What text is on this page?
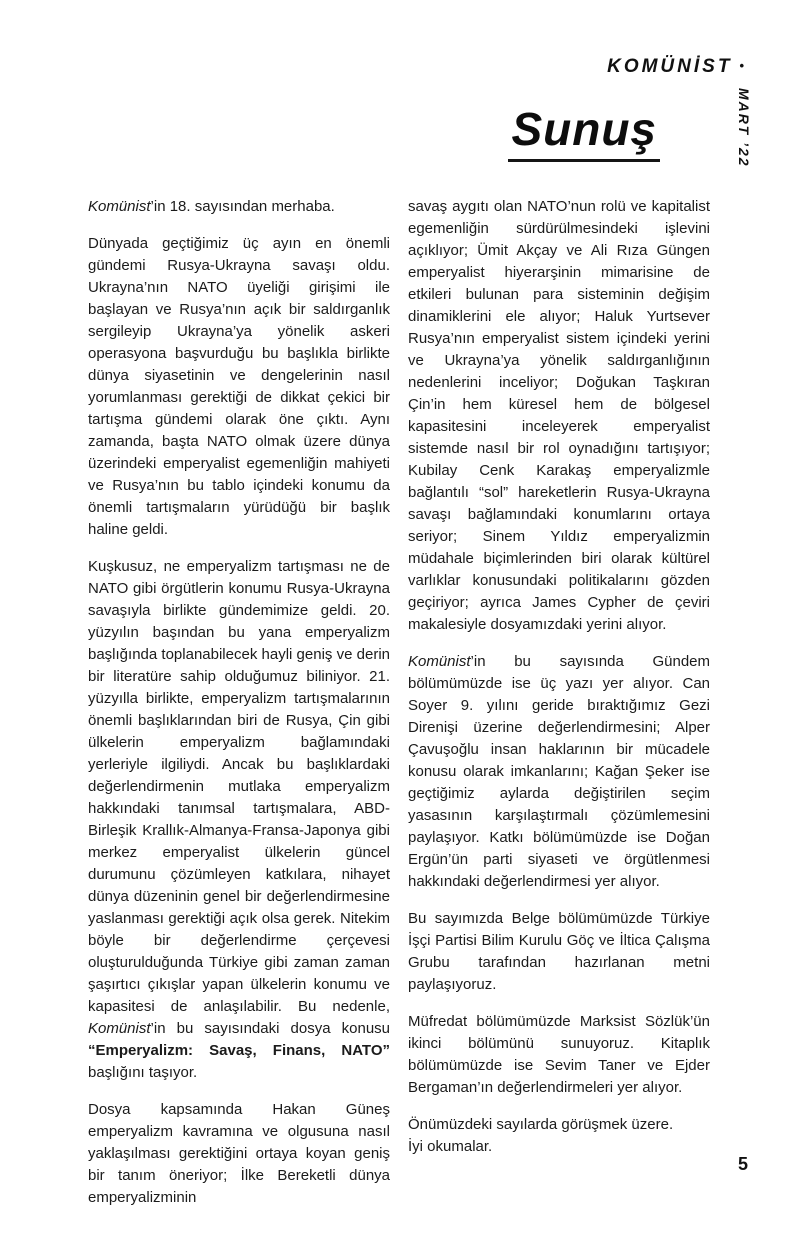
KOMÜNİST •
MART ’22
Sunuş

Komünist’in 18. sayısından merhaba.

Dünyada geçtiğimiz üç ayın en önemli gündemi Rusya-Ukrayna savaşı oldu. Ukrayna’nın NATO üyeliği girişimi ile başlayan ve Rusya’nın açık bir saldırganlık sergileyip Ukrayna’ya yönelik askeri operasyona başvurduğu bu başlıkla birlikte dünya siyasetinin ve dengelerinin nasıl yorumlanması gerektiği de dikkat çekici bir tartışma gündemi olarak öne çıktı. Aynı zamanda, başta NATO olmak üzere dünya üzerindeki emperyalist egemenliğin mahiyeti ve Rusya’nın bu tablo içindeki konumu da önemli tartışmaların yürüdüğü bir başlık haline geldi.

Kuşkusuz, ne emperyalizm tartışması ne de NATO gibi örgütlerin konumu Rusya-Ukrayna savaşıyla birlikte gündemimize geldi. 20. yüzyılın başından bu yana emperyalizm başlığında toplanabilecek hayli geniş ve derin bir literatüre sahip olduğumuz biliniyor. 21. yüzyılla birlikte, emperyalizm tartışmalarının önemli başlıklarından biri de Rusya, Çin gibi ülkelerin emperyalizm bağlamındaki yerleriyle ilgiliydi. Ancak bu başlıklardaki değerlendirmenin mutlaka emperyalizm hakkındaki tanımsal tartışmalara, ABD-Birleşik Krallık-Almanya-Fransa-Japonya gibi merkez emperyalist ülkelerin güncel durumunu çözümleyen katkılara, nihayet dünya düzeninin genel bir değerlendirmesine yaslanması gerektiği açık olsa gerek. Nitekim böyle bir değerlendirme çerçevesi oluşturulduğunda Türkiye gibi zaman zaman şaşırtıcı çıkışlar yapan ülkelerin konumu ve kapasitesi de anlaşılabilir. Bu nedenle, Komünist’in bu sayısındaki dosya konusu “Emperyalizm: Savaş, Finans, NATO” başlığını taşıyor.

Dosya kapsamında Hakan Güneş emperyalizm kavramına ve olgusuna nasıl yaklaşılması gerektiğini ortaya koyan geniş bir tanım öneriyor; İlke Bereketli dünya emperyalizminin

savaş aygıtı olan NATO’nun rolü ve kapitalist egemenliğin sürdürülmesindeki işlevini açıklıyor; Ümit Akçay ve Ali Rıza Güngen emperyalist hiyerarşinin mimarisine de etkileri bulunan para sisteminin değişim dinamiklerini ele alıyor; Haluk Yurtsever Rusya’nın emperyalist sistem içindeki yerini ve Ukrayna’ya yönelik saldırganlığının nedenlerini inceliyor; Doğukan Taşkıran Çin’in hem küresel hem de bölgesel kapasitesini inceleyerek emperyalist sistemde nasıl bir rol oynadığını tartışıyor; Kubilay Cenk Karakaş emperyalizmle bağlantılı “sol” hareketlerin Rusya-Ukrayna savaşı bağlamındaki konumlarını ortaya seriyor; Sinem Yıldız emperyalizmin müdahale biçimlerinden biri olarak kültürel varlıklar konusundaki politikalarını gözden geçiriyor; ayrıca James Cypher de çeviri makalesiyle dosyamızdaki yerini alıyor.

Komünist’in bu sayısında Gündem bölümümüzde ise üç yazı yer alıyor. Can Soyer 9. yılını geride bıraktığımız Gezi Direnişi üzerine değerlendirmesini; Alper Çavuşoğlu insan haklarının bir mücadele konusu olarak imkanlarını; Kağan Şeker ise geçtiğimiz aylarda değiştirilen seçim yasasının karşılaştırmalı çözümlemesini paylaşıyor. Katkı bölümümüzde ise Doğan Ergün’ün parti siyaseti ve örgütlenmesi hakkındaki değerlendirmesi yer alıyor.

Bu sayımızda Belge bölümümüzde Türkiye İşçi Partisi Bilim Kurulu Göç ve İltica Çalışma Grubu tarafından hazırlanan metni paylaşıyoruz.

Müfredat bölümümüzde Marksist Sözlük’ün ikinci bölümünü sunuyoruz. Kitaplık bölümümüzde ise Sevim Taner ve Ejder Bergaman’ın değerlendirmeleri yer alıyor.

Önümüzdeki sayılarda görüşmek üzere.
İyi okumalar.

5
